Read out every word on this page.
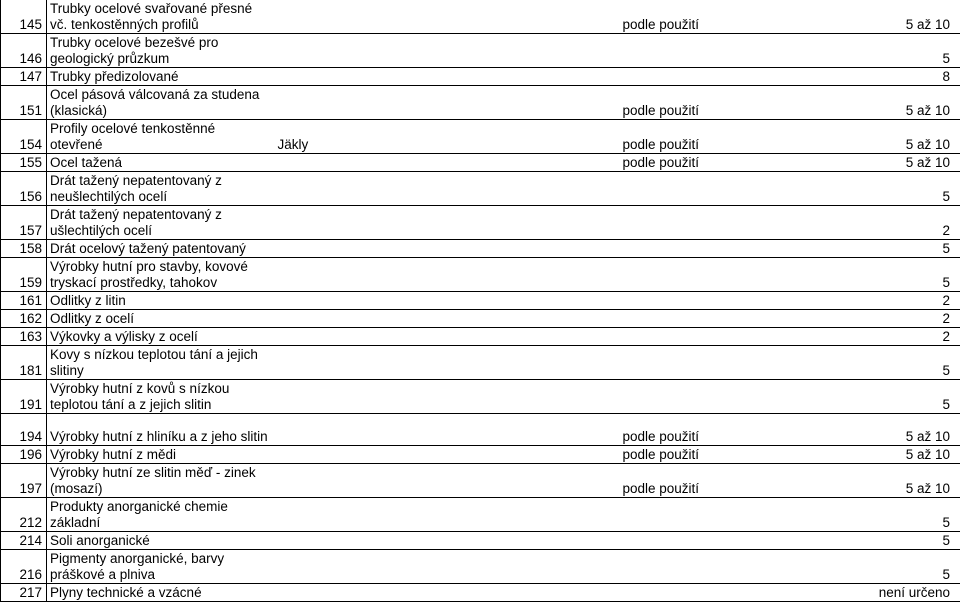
145	Trubky ocelové svařované přesné
vč. tenkostěnných profilů		podle použití	5 až 10
146	Trubky ocelové bezešvé pro
geologický průzkum			5
147	Trubky předizolované			8
151	Ocel pásová válcovaná za studena
(klasická)		podle použití	5 až 10
154	Profily ocelové tenkostěnné
otevřené	Jäkly	podle použití	5 až 10
155	Ocel tažená		podle použití	5 až 10
156	Drát tažený nepatentovaný z
neušlechtilých ocelí			5
157	Drát tažený nepatentovaný z
ušlechtilých ocelí			2
158	Drát ocelový tažený patentovaný			5
159	Výrobky hutní pro stavby, kovové
tryskací prostředky, tahokov			5
161	Odlitky z litin			2
162	Odlitky z ocelí			2
163	Výkovky a výlisky z ocelí			2
181	Kovy s nízkou teplotou tání a jejich
slitiny			5
191	Výrobky hutní z kovů s nízkou
teplotou tání a z jejich slitin			5

194	Výrobky hutní z hliníku a z jeho slitin		podle použití	5 až 10
196	Výrobky hutní z mědi		podle použití	5 až 10
197	Výrobky hutní ze slitin měď - zinek
(mosazí)		podle použití	5 až 10
212	Produkty anorganické chemie
základní			5
214	Soli anorganické			5
216	Pigmenty anorganické, barvy
práškové a plniva			5
217	Plyny technické a vzácné			není určeno
